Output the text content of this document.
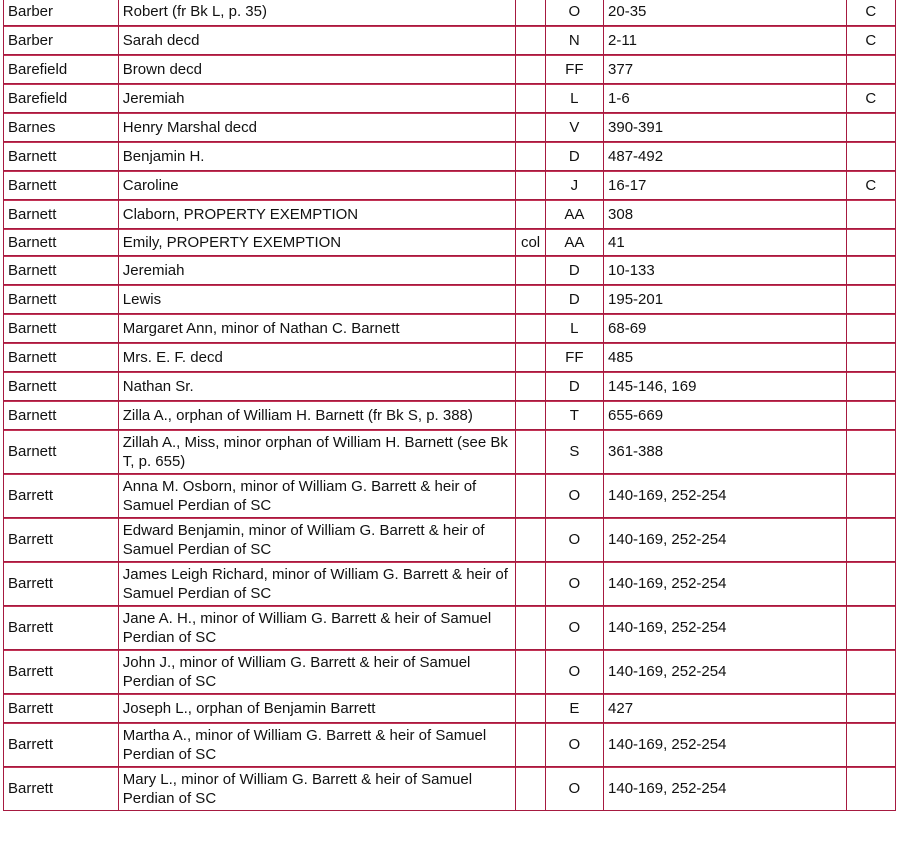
Barber	Robert (fr Bk L, p. 35)		O	20-35	C
Barber	Sarah decd		N	2-11	C
Barefield	Brown decd		FF	377	
Barefield	Jeremiah		L	1-6	C
Barnes	Henry Marshal decd		V	390-391	
Barnett	Benjamin H.		D	487-492	
Barnett	Caroline		J	16-17	C
Barnett	Claborn, PROPERTY EXEMPTION		AA	308	
Barnett	Emily, PROPERTY EXEMPTION	col	AA	41	
Barnett	Jeremiah		D	10-133	
Barnett	Lewis		D	195-201	
Barnett	Margaret Ann, minor of Nathan C. Barnett		L	68-69	
Barnett	Mrs. E. F. decd		FF	485	
Barnett	Nathan Sr.		D	145-146, 169	
Barnett	Zilla A., orphan of William H. Barnett (fr Bk S, p. 388)		T	655-669	
Barnett	Zillah A., Miss, minor orphan of William H. Barnett (see Bk T, p. 655)		S	361-388	
Barrett	Anna M. Osborn, minor of William G. Barrett & heir of Samuel Perdian of SC		O	140-169, 252-254	
Barrett	Edward Benjamin, minor of William G. Barrett & heir of Samuel Perdian of SC		O	140-169, 252-254	
Barrett	James Leigh Richard, minor of William G. Barrett & heir of Samuel Perdian of SC		O	140-169, 252-254	
Barrett	Jane A. H., minor of William G. Barrett & heir of Samuel Perdian of SC		O	140-169, 252-254	
Barrett	John J., minor of William G. Barrett & heir of Samuel Perdian of SC		O	140-169, 252-254	
Barrett	Joseph L., orphan of Benjamin Barrett		E	427	
Barrett	Martha A., minor of William G. Barrett & heir of Samuel Perdian of SC		O	140-169, 252-254	
Barrett	Mary L., minor of William G. Barrett & heir of Samuel Perdian of SC		O	140-169, 252-254	
